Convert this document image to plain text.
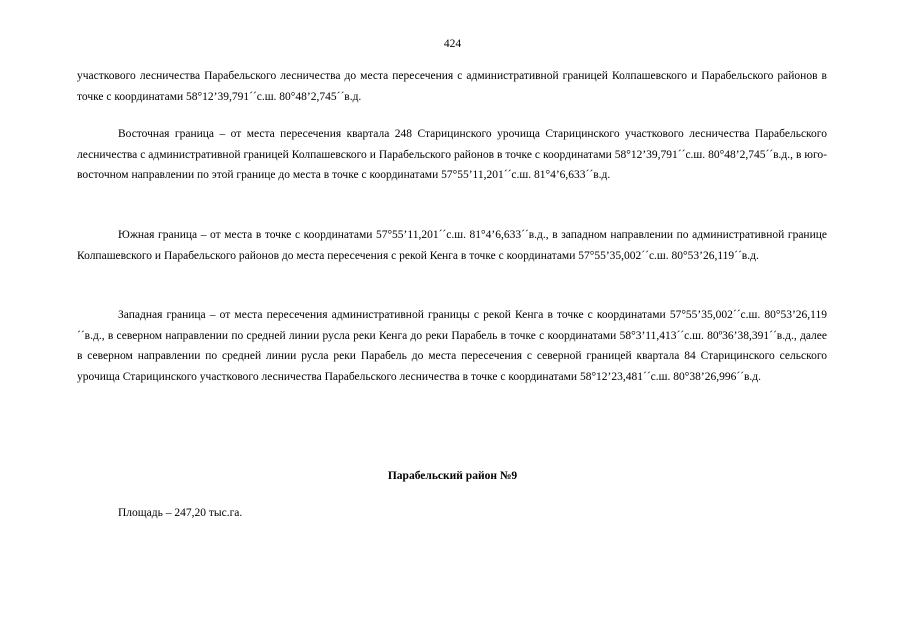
424

участкового лесничества Парабельского лесничества до места пересечения с административной границей Колпашевского и Парабельского районов в точке с координатами 58°12’39,791´´с.ш. 80°48’2,745´´в.д.

Восточная граница – от места пересечения квартала 248 Старицинского урочища Старицинского участкового лесничества Парабельского лесничества с административной границей Колпашевского и Парабельского районов в точке с координатами 58°12’39,791´´с.ш. 80°48’2,745´´в.д., в юго-восточном направлении по этой границе до места в точке с координатами 57°55’11,201´´с.ш. 81°4’6,633´´в.д.

Южная граница – от места в точке с координатами 57°55’11,201´´с.ш. 81°4’6,633´´в.д., в западном направлении по административной границе Колпашевского и Парабельского районов до места пересечения с рекой Кенга в точке с координатами 57°55’35,002´´с.ш. 80°53’26,119´´в.д.

Западная граница – от места пересечения административной границы с рекой Кенга в точке с координатами 57°55’35,002´´с.ш. 80°53’26,119´´в.д., в северном направлении по средней линии русла реки Кенга до реки Парабель в точке с координатами 58°3’11,413´´с.ш. 80º36’38,391´´в.д., далее в северном направлении по средней линии русла реки Парабель до места пересечения с северной границей квартала 84 Старицинского сельского урочища Старицинского участкового лесничества Парабельского лесничества в точке с координатами 58°12’23,481´´с.ш. 80°38’26,996´´в.д.

Парабельский район №9
Площадь – 247,20 тыс.га.
